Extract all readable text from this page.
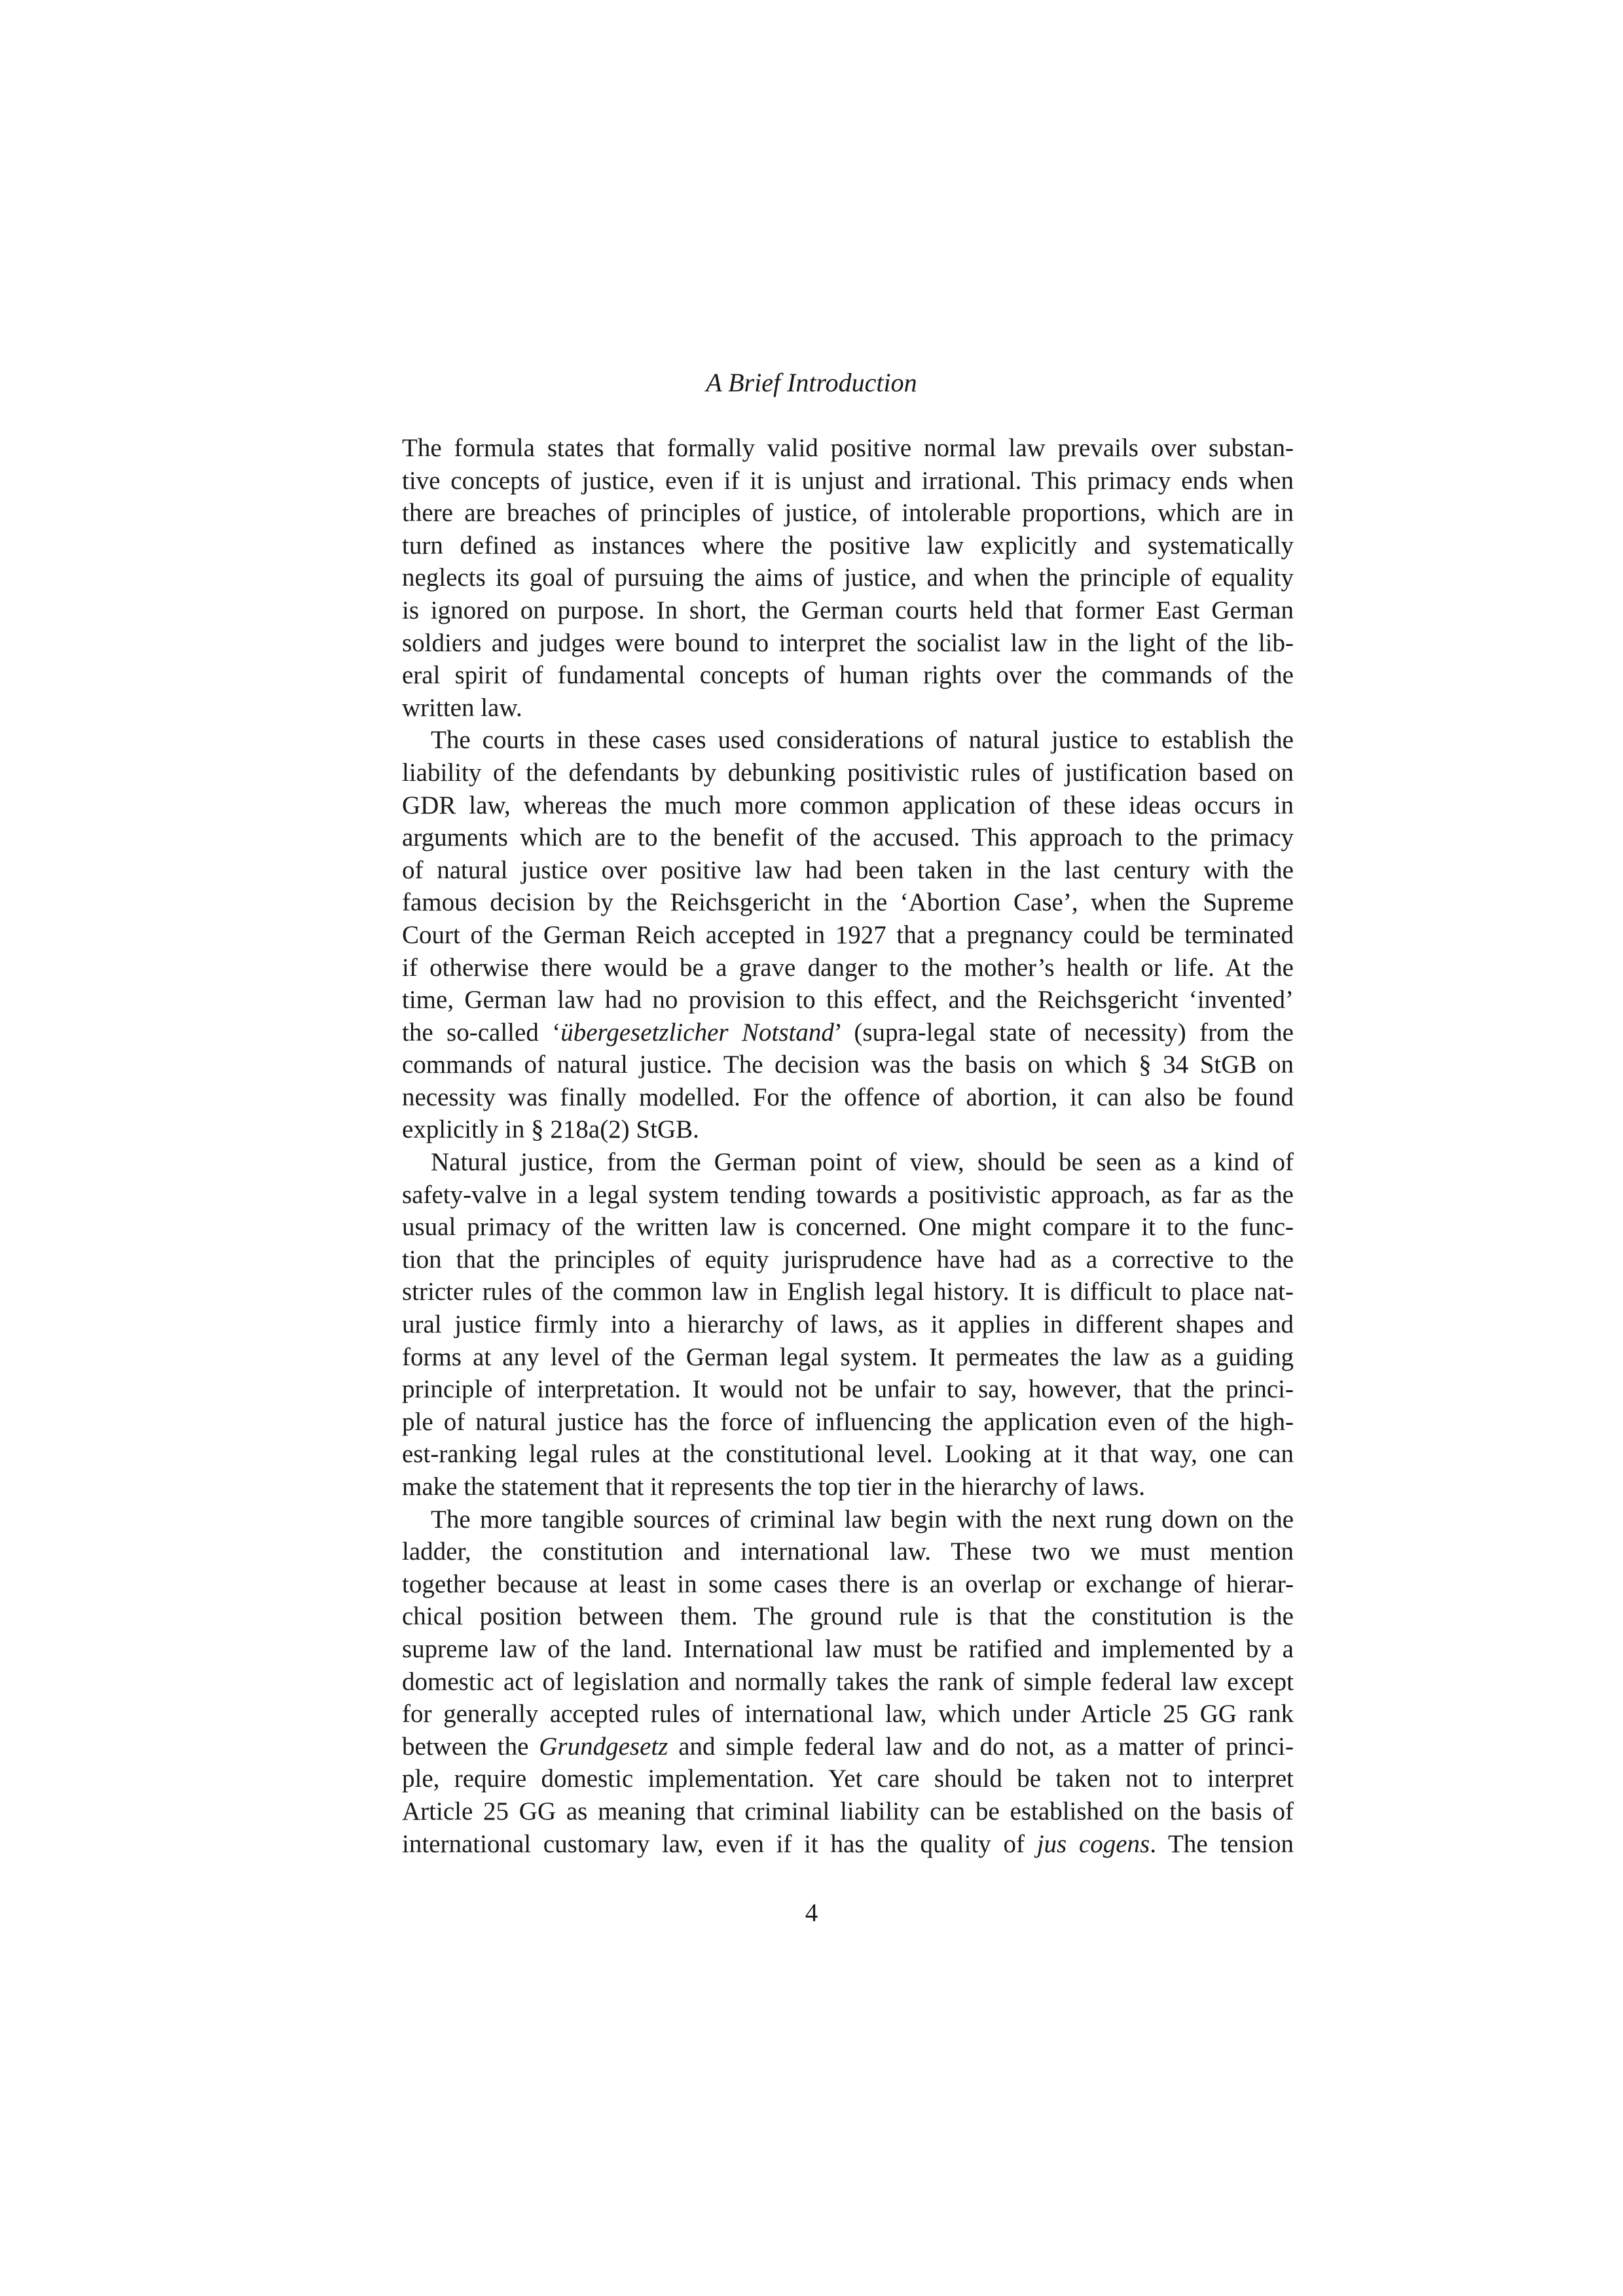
A Brief Introduction
The formula states that formally valid positive normal law prevails over substan-
tive concepts of justice, even if it is unjust and irrational. This primacy ends when
there are breaches of principles of justice, of intolerable proportions, which are in
turn defined as instances where the positive law explicitly and systematically
neglects its goal of pursuing the aims of justice, and when the principle of equality
is ignored on purpose. In short, the German courts held that former East German
soldiers and judges were bound to interpret the socialist law in the light of the lib-
eral spirit of fundamental concepts of human rights over the commands of the
written law.
The courts in these cases used considerations of natural justice to establish the
liability of the defendants by debunking positivistic rules of justification based on
GDR law, whereas the much more common application of these ideas occurs in
arguments which are to the benefit of the accused. This approach to the primacy
of natural justice over positive law had been taken in the last century with the
famous decision by the Reichsgericht in the ‘Abortion Case’, when the Supreme
Court of the German Reich accepted in 1927 that a pregnancy could be terminated
if otherwise there would be a grave danger to the mother’s health or life. At the
time, German law had no provision to this effect, and the Reichsgericht ‘invented’
the so-called ‘übergesetzlicher Notstand’ (supra-legal state of necessity) from the
commands of natural justice. The decision was the basis on which § 34 StGB on
necessity was finally modelled. For the offence of abortion, it can also be found
explicitly in § 218a(2) StGB.
Natural justice, from the German point of view, should be seen as a kind of
safety-valve in a legal system tending towards a positivistic approach, as far as the
usual primacy of the written law is concerned. One might compare it to the func-
tion that the principles of equity jurisprudence have had as a corrective to the
stricter rules of the common law in English legal history. It is difficult to place nat-
ural justice firmly into a hierarchy of laws, as it applies in different shapes and
forms at any level of the German legal system. It permeates the law as a guiding
principle of interpretation. It would not be unfair to say, however, that the princi-
ple of natural justice has the force of influencing the application even of the high-
est-ranking legal rules at the constitutional level. Looking at it that way, one can
make the statement that it represents the top tier in the hierarchy of laws.
The more tangible sources of criminal law begin with the next rung down on the
ladder, the constitution and international law. These two we must mention
together because at least in some cases there is an overlap or exchange of hierar-
chical position between them. The ground rule is that the constitution is the
supreme law of the land. International law must be ratified and implemented by a
domestic act of legislation and normally takes the rank of simple federal law except
for generally accepted rules of international law, which under Article 25 GG rank
between the Grundgesetz and simple federal law and do not, as a matter of princi-
ple, require domestic implementation. Yet care should be taken not to interpret
Article 25 GG as meaning that criminal liability can be established on the basis of
international customary law, even if it has the quality of jus cogens. The tension
4
